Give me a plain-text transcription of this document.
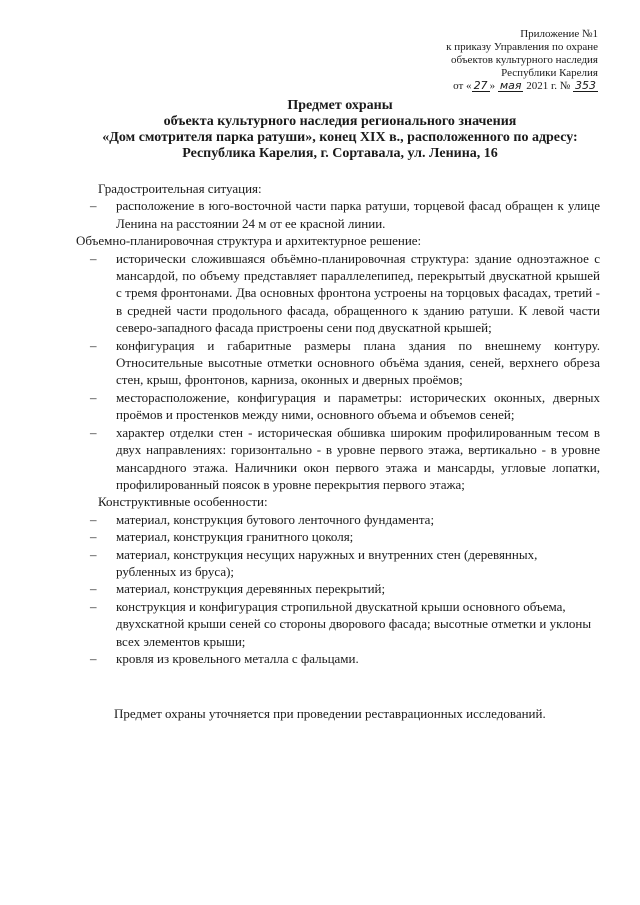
Приложение №1
к приказу Управления по охране
объектов культурного наследия
Республики Карелия
от « 27 » мая 2021 г. № 353
Предмет охраны
объекта культурного наследия регионального значения
«Дом смотрителя парка ратуши», конец XIX в., расположенного по адресу:
Республика Карелия, г. Сортавала, ул. Ленина, 16

Градостроительная ситуация:

– расположение в юго-восточной части парка ратуши, торцевой фасад обращен к улице Ленина на расстоянии 24 м от ее красной линии.

Объемно-планировочная структура и архитектурное решение:

– исторически сложившаяся объёмно-планировочная структура: здание одноэтажное с мансардой, по объему представляет параллелепипед, перекрытый двускатной крышей с тремя фронтонами. Два основных фронтона устроены на торцовых фасадах, третий - в средней части продольного фасада, обращенного к зданию ратуши. К левой части северо-западного фасада пристроены сени под двускатной крышей;
– конфигурация и габаритные размеры плана здания по внешнему контуру. Относительные высотные отметки основного объёма здания, сеней, верхнего обреза стен, крыш, фронтонов, карниза, оконных и дверных проёмов;
– месторасположение, конфигурация и параметры: исторических оконных, дверных проёмов и простенков между ними, основного объема и объемов сеней;
– характер отделки стен - историческая обшивка широким профилированным тесом в двух направлениях: горизонтально - в уровне первого этажа, вертикально - в уровне мансардного этажа. Наличники окон первого этажа и мансарды, угловые лопатки, профилированный поясок в уровне перекрытия первого этажа;

Конструктивные особенности:

– материал, конструкция бутового ленточного фундамента;
– материал, конструкция гранитного цоколя;
– материал, конструкция несущих наружных и внутренних стен (деревянных, рубленных из бруса);
– материал, конструкция деревянных перекрытий;
– конструкция и конфигурация стропильной двускатной крыши основного объема, двухскатной крыши сеней со стороны дворового фасада; высотные отметки и уклоны всех элементов крыши;
– кровля из кровельного металла с фальцами.
Предмет охраны уточняется при проведении реставрационных исследований.
